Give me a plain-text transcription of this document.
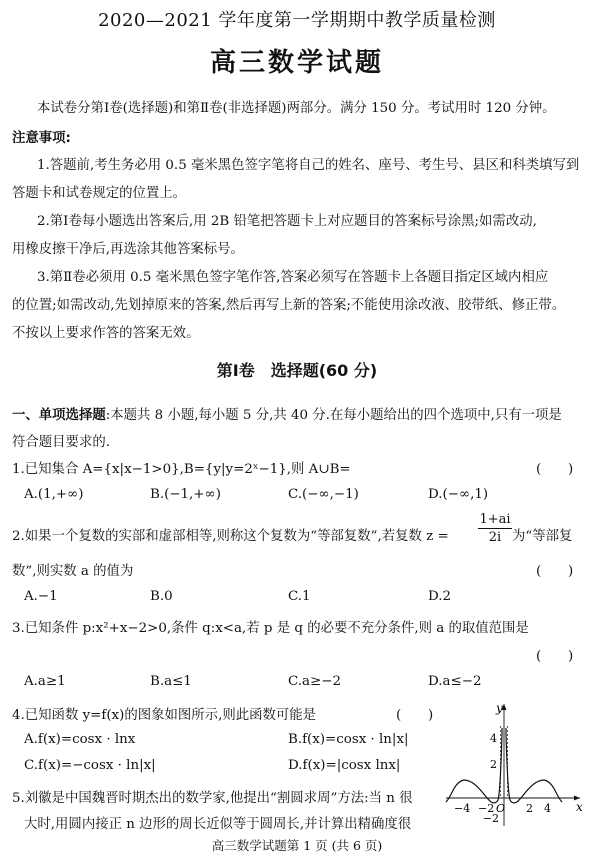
2020—2021 学年度第一学期期中教学质量检测
高三数学试题
本试卷分第Ⅰ卷(选择题)和第Ⅱ卷(非选择题)两部分。满分 150 分。考试用时 120 分钟。
注意事项:
1.答题前,考生务必用 0.5 毫米黑色签字笔将自己的姓名、座号、考生号、县区和科类填写到
答题卡和试卷规定的位置上。
2.第Ⅰ卷每小题选出答案后,用 2B 铅笔把答题卡上对应题目的答案标号涂黑;如需改动,
用橡皮擦干净后,再选涂其他答案标号。
3.第Ⅱ卷必须用 0.5 毫米黑色签字笔作答,答案必须写在答题卡上各题目指定区域内相应
的位置;如需改动,先划掉原来的答案,然后再写上新的答案;不能使用涂改液、胶带纸、修正带。
不按以上要求作答的答案无效。
第Ⅰ卷　选择题(60 分)
一、单项选择题:本题共 8 小题,每小题 5 分,共 40 分.在每小题给出的四个选项中,只有一项是
符合题目要求的.
1.已知集合 A={x|x−1>0},B={y|y=2ˣ−1},则 A∪B=	(　　)
A.(1,+∞)	B.(−1,+∞)	C.(−∞,−1)	D.(−∞,1)
2.如果一个复数的实部和虚部相等,则称这个复数为“等部复数”,若复数 $z = \frac{1+ai}{2i}$ 为“等部复
数”,则实数 a 的值为	(　　)
A.−1	B.0	C.1	D.2
3.已知条件 p:x²+x−2>0,条件 q:x<a,若 p 是 q 的必要不充分条件,则 a 的取值范围是
(　　)
A.a≥1	B.a≤1	C.a≥−2	D.a≤−2
4.已知函数 y=f(x)的图象如图所示,则此函数可能是	(　　)
A.f(x)=cosx · lnx	B.f(x)=cosx · ln|x|
C.f(x)=−cosx · ln|x|	D.f(x)=|cosx lnx|
5.刘徽是中国魏晋时期杰出的数学家,他提出“割圆求周”方法:当 n 很
大时,用圆内接正 n 边形的周长近似等于圆周长,并计算出精确度很
y
x
4
2
−2
−4 −2 O 2 4
高三数学试题第 1 页 (共 6 页)
